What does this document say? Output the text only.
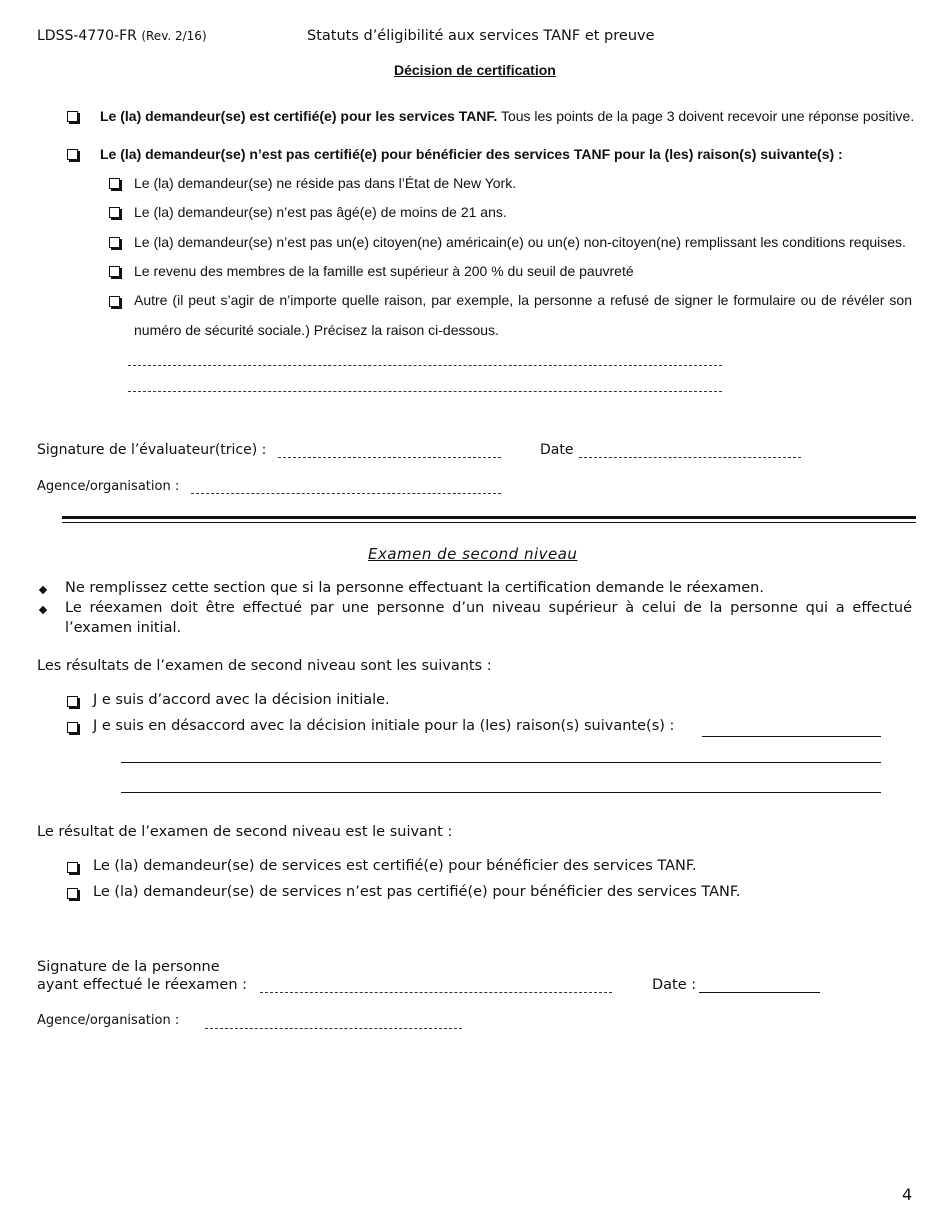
LDSS-4770-FR (Rev. 2/16)	Statuts d’éligibilité aux services TANF et preuve
Décision de certification
Le (la) demandeur(se) est certifié(e) pour les services TANF. Tous les points de la page 3 doivent recevoir une réponse positive.
Le (la) demandeur(se) n’est pas certifié(e) pour bénéficier des services TANF pour la (les) raison(s) suivante(s) :
Le (la) demandeur(se) ne réside pas dans l’État de New York.
Le (la) demandeur(se) n’est pas âgé(e) de moins de 21 ans.
Le (la) demandeur(se) n’est pas un(e) citoyen(ne) américain(e) ou un(e) non-citoyen(ne) remplissant les conditions requises.
Le revenu des membres de la famille est supérieur à 200 % du seuil de pauvreté
Autre (il peut s’agir de n’importe quelle raison, par exemple, la personne a refusé de signer le formulaire ou de révéler son
numéro de sécurité sociale.) Précisez la raison ci-dessous.
Signature de l’évaluateur(trice) :	Date
Agence/organisation :
Examen de second niveau
Ne remplissez cette section que si la personne effectuant la certification demande le réexamen.
Le réexamen doit être effectué par une personne d’un niveau supérieur à celui de la personne qui a effectué
l’examen initial.
Les résultats de l’examen de second niveau sont les suivants :
J e suis d’accord avec la décision initiale.
J e suis en désaccord avec la décision initiale pour la (les) raison(s) suivante(s) :
Le résultat de l’examen de second niveau est le suivant :
Le (la) demandeur(se) de services est certifié(e) pour bénéficier des services TANF.
Le (la) demandeur(se) de services n’est pas certifié(e) pour bénéficier des services TANF.
Signature de la personne
ayant effectué le réexamen :	Date :
Agence/organisation :
4
